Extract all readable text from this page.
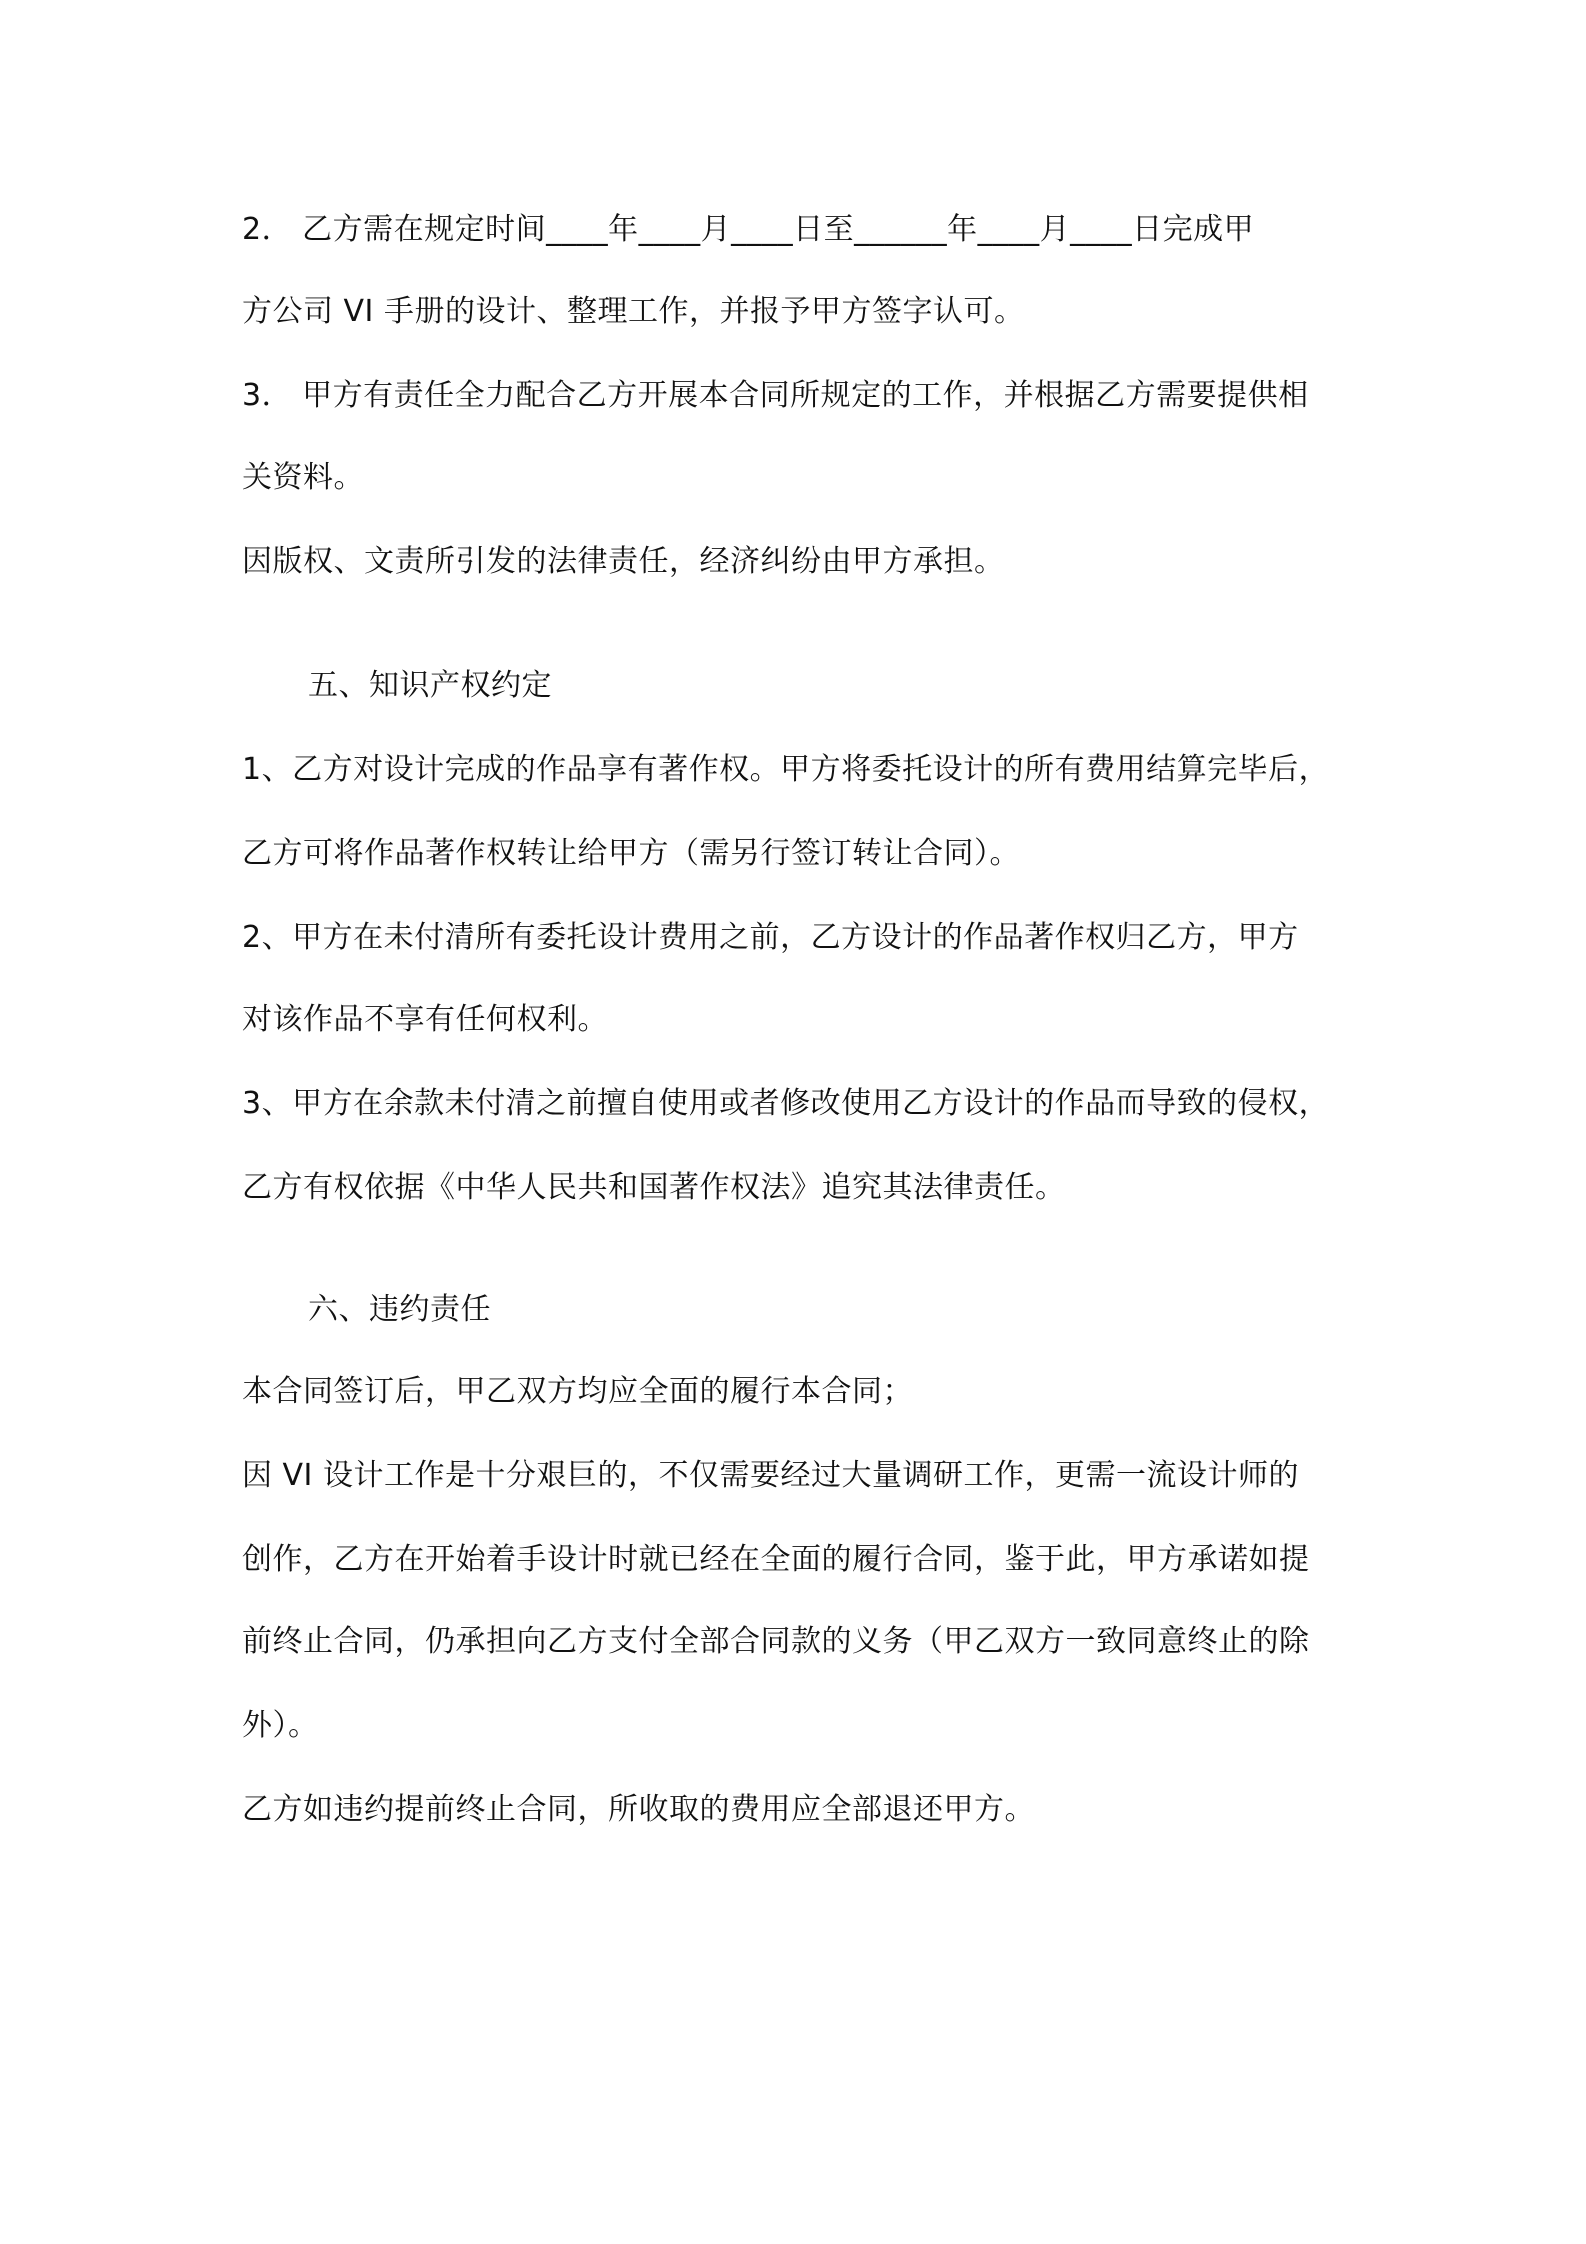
2． 乙方需在规定时间____年____月____日至______年____月____日完成甲
方公司 VI 手册的设计、整理工作，并报予甲方签字认可。
3． 甲方有责任全力配合乙方开展本合同所规定的工作，并根据乙方需要提供相
关资料。
因版权、文责所引发的法律责任，经济纠纷由甲方承担。
五、知识产权约定
1、乙方对设计完成的作品享有著作权。甲方将委托设计的所有费用结算完毕后，
乙方可将作品著作权转让给甲方（需另行签订转让合同）。
2、甲方在未付清所有委托设计费用之前，乙方设计的作品著作权归乙方，甲方
对该作品不享有任何权利。
3、甲方在余款未付清之前擅自使用或者修改使用乙方设计的作品而导致的侵权，
乙方有权依据《中华人民共和国著作权法》追究其法律责任。
六、违约责任
本合同签订后，甲乙双方均应全面的履行本合同；
因 VI 设计工作是十分艰巨的，不仅需要经过大量调研工作，更需一流设计师的
创作，乙方在开始着手设计时就已经在全面的履行合同，鉴于此，甲方承诺如提
前终止合同，仍承担向乙方支付全部合同款的义务（甲乙双方一致同意终止的除
外）。
乙方如违约提前终止合同，所收取的费用应全部退还甲方。
